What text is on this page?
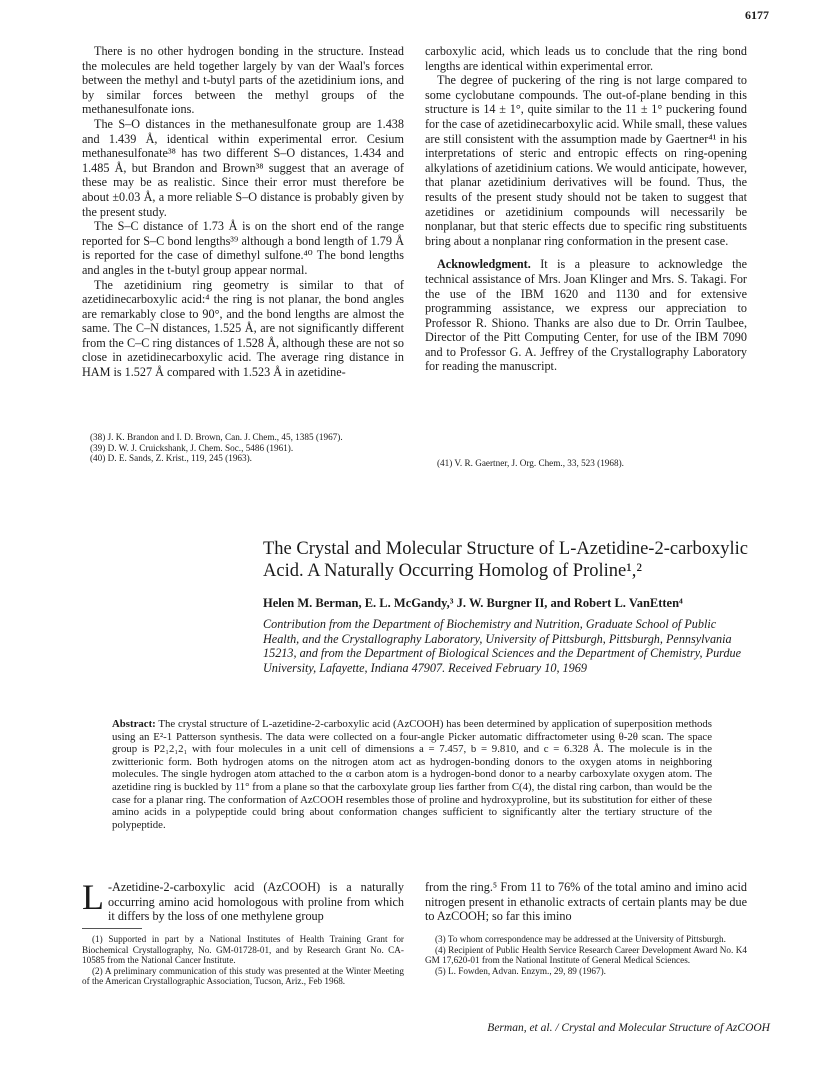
6177

There is no other hydrogen bonding in the structure. Instead the molecules are held together largely by van der Waal's forces between the methyl and t-butyl parts of the azetidinium ions, and by similar forces between the methyl groups of the methanesulfonate ions.

The S–O distances in the methanesulfonate group are 1.438 and 1.439 Å, identical within experimental error. Cesium methanesulfonate³⁸ has two different S–O distances, 1.434 and 1.485 Å, but Brandon and Brown³⁸ suggest that an average of these may be as realistic. Since their error must therefore be about ±0.03 Å, a more reliable S–O distance is probably given by the present study.

The S–C distance of 1.73 Å is on the short end of the range reported for S–C bond lengths³⁹ although a bond length of 1.79 Å is reported for the case of dimethyl sulfone.⁴⁰ The bond lengths and angles in the t-butyl group appear normal.

The azetidinium ring geometry is similar to that of azetidinecarboxylic acid:⁴ the ring is not planar, the bond angles are remarkably close to 90°, and the bond lengths are almost the same. The C–N distances, 1.525 Å, are not significantly different from the C–C ring distances of 1.528 Å, although these are not so close in azetidinecarboxylic acid. The average ring distance in HAM is 1.527 Å compared with 1.523 Å in azetidine-

(38) J. K. Brandon and I. D. Brown, Can. J. Chem., 45, 1385 (1967).
(39) D. W. J. Cruickshank, J. Chem. Soc., 5486 (1961).
(40) D. E. Sands, Z. Krist., 119, 245 (1963).

carboxylic acid, which leads us to conclude that the ring bond lengths are identical within experimental error.

The degree of puckering of the ring is not large compared to some cyclobutane compounds. The out-of-plane bending in this structure is 14 ± 1°, quite similar to the 11 ± 1° puckering found for the case of azetidinecarboxylic acid. While small, these values are still consistent with the assumption made by Gaertner⁴¹ in his interpretations of steric and entropic effects on ring-opening alkylations of azetidinium cations. We would anticipate, however, that planar azetidinium derivatives will be found. Thus, the results of the present study should not be taken to suggest that azetidines or azetidinium compounds will necessarily be nonplanar, but that steric effects due to specific ring substituents bring about a nonplanar ring conformation in the present case.

Acknowledgment. It is a pleasure to acknowledge the technical assistance of Mrs. Joan Klinger and Mrs. S. Takagi. For the use of the IBM 1620 and 1130 and for extensive programming assistance, we express our appreciation to Professor R. Shiono. Thanks are also due to Dr. Orrin Taulbee, Director of the Pitt Computing Center, for use of the IBM 7090 and to Professor G. A. Jeffrey of the Crystallography Laboratory for reading the manuscript.

(41) V. R. Gaertner, J. Org. Chem., 33, 523 (1968).
The Crystal and Molecular Structure of L-Azetidine-2-carboxylic Acid. A Naturally Occurring Homolog of Proline¹,²
Helen M. Berman, E. L. McGandy,³ J. W. Burgner II, and Robert L. VanEtten⁴
Contribution from the Department of Biochemistry and Nutrition, Graduate School of Public Health, and the Crystallography Laboratory, University of Pittsburgh, Pittsburgh, Pennsylvania 15213, and from the Department of Biological Sciences and the Department of Chemistry, Purdue University, Lafayette, Indiana 47907. Received February 10, 1969
Abstract: The crystal structure of L-azetidine-2-carboxylic acid (AzCOOH) has been determined by application of superposition methods using an E²-1 Patterson synthesis. The data were collected on a four-angle Picker automatic diffractometer using θ-2θ scan. The space group is P2₁2₁2₁ with four molecules in a unit cell of dimensions a = 7.457, b = 9.810, and c = 6.328 Å. The molecule is in the zwitterionic form. Both hydrogen atoms on the nitrogen atom act as hydrogen-bonding donors to the oxygen atoms in neighboring molecules. The single hydrogen atom attached to the α carbon atom is a hydrogen-bond donor to a nearby carboxylate oxygen atom. The azetidine ring is buckled by 11° from a plane so that the carboxylate group lies farther from C(4), the distal ring carbon, than would be the case for a planar ring. The conformation of AzCOOH resembles those of proline and hydroxyproline, but its substitution for either of these amino acids in a polypeptide could bring about conformation changes sufficient to significantly alter the tertiary structure of the polypeptide.
L -Azetidine-2-carboxylic acid (AzCOOH) is a naturally occurring amino acid homologous with proline from which it differs by the loss of one methylene group

from the ring.⁵ From 11 to 76% of the total amino and imino acid nitrogen present in ethanolic extracts of certain plants may be due to AzCOOH; so far this imino

(1) Supported in part by a National Institutes of Health Training Grant for Biochemical Crystallography, No. GM-01728-01, and by Research Grant No. CA-10585 from the National Cancer Institute.
(2) A preliminary communication of this study was presented at the Winter Meeting of the American Crystallographic Association, Tucson, Ariz., Feb 1968.
(3) To whom correspondence may be addressed at the University of Pittsburgh.
(4) Recipient of Public Health Service Research Career Development Award No. K4 GM 17,620-01 from the National Institute of General Medical Sciences.
(5) L. Fowden, Advan. Enzym., 29, 89 (1967).
Berman, et al. / Crystal and Molecular Structure of AzCOOH
